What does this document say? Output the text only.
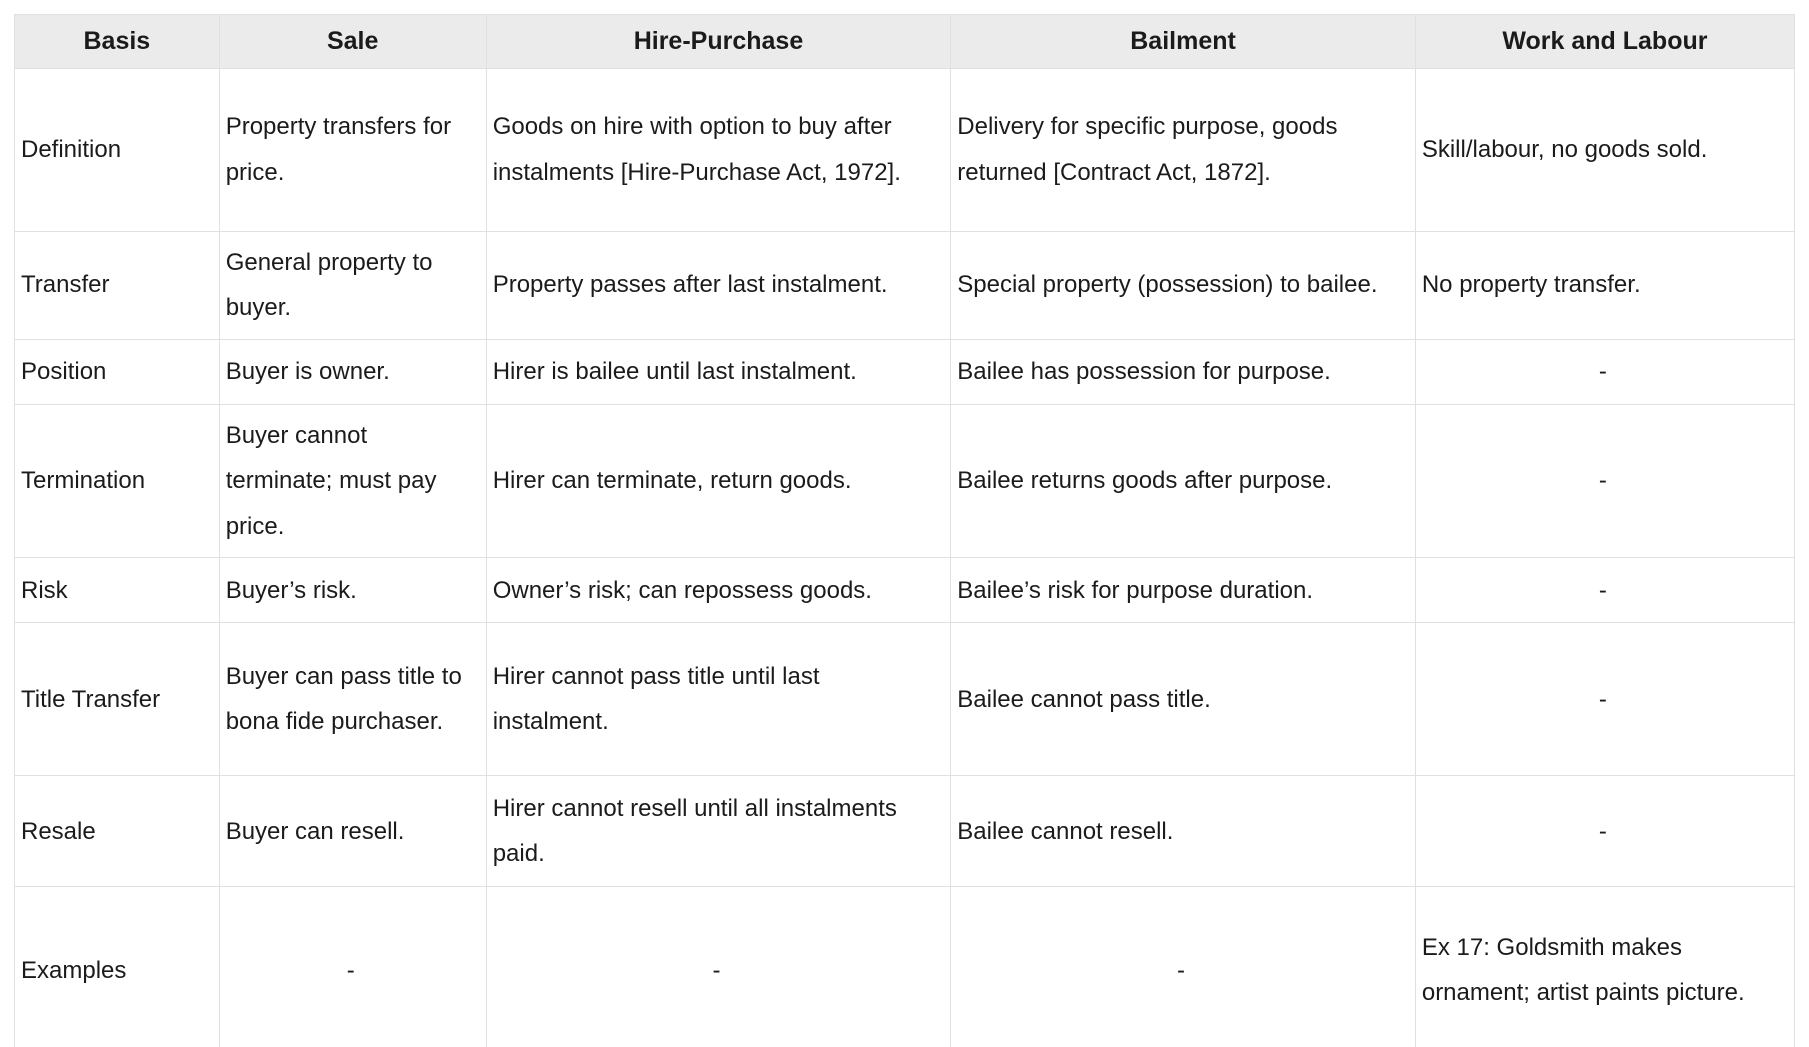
Basis	Sale	Hire-Purchase	Bailment	Work and Labour
Definition	Property transfers for price.	Goods on hire with option to buy after instalments [Hire-Purchase Act, 1972].	Delivery for specific purpose, goods returned [Contract Act, 1872].	Skill/labour, no goods sold.
Transfer	General property to buyer.	Property passes after last instalment.	Special property (possession) to bailee.	No property transfer.
Position	Buyer is owner.	Hirer is bailee until last instalment.	Bailee has possession for purpose.	-
Termination	Buyer cannot terminate; must pay price.	Hirer can terminate, return goods.	Bailee returns goods after purpose.	-
Risk	Buyer’s risk.	Owner’s risk; can repossess goods.	Bailee’s risk for purpose duration.	-
Title Transfer	Buyer can pass title to bona fide purchaser.	Hirer cannot pass title until last instalment.	Bailee cannot pass title.	-
Resale	Buyer can resell.	Hirer cannot resell until all instalments paid.	Bailee cannot resell.	-
Examples	-	-	-	Ex 17: Goldsmith makes ornament; artist paints picture.
